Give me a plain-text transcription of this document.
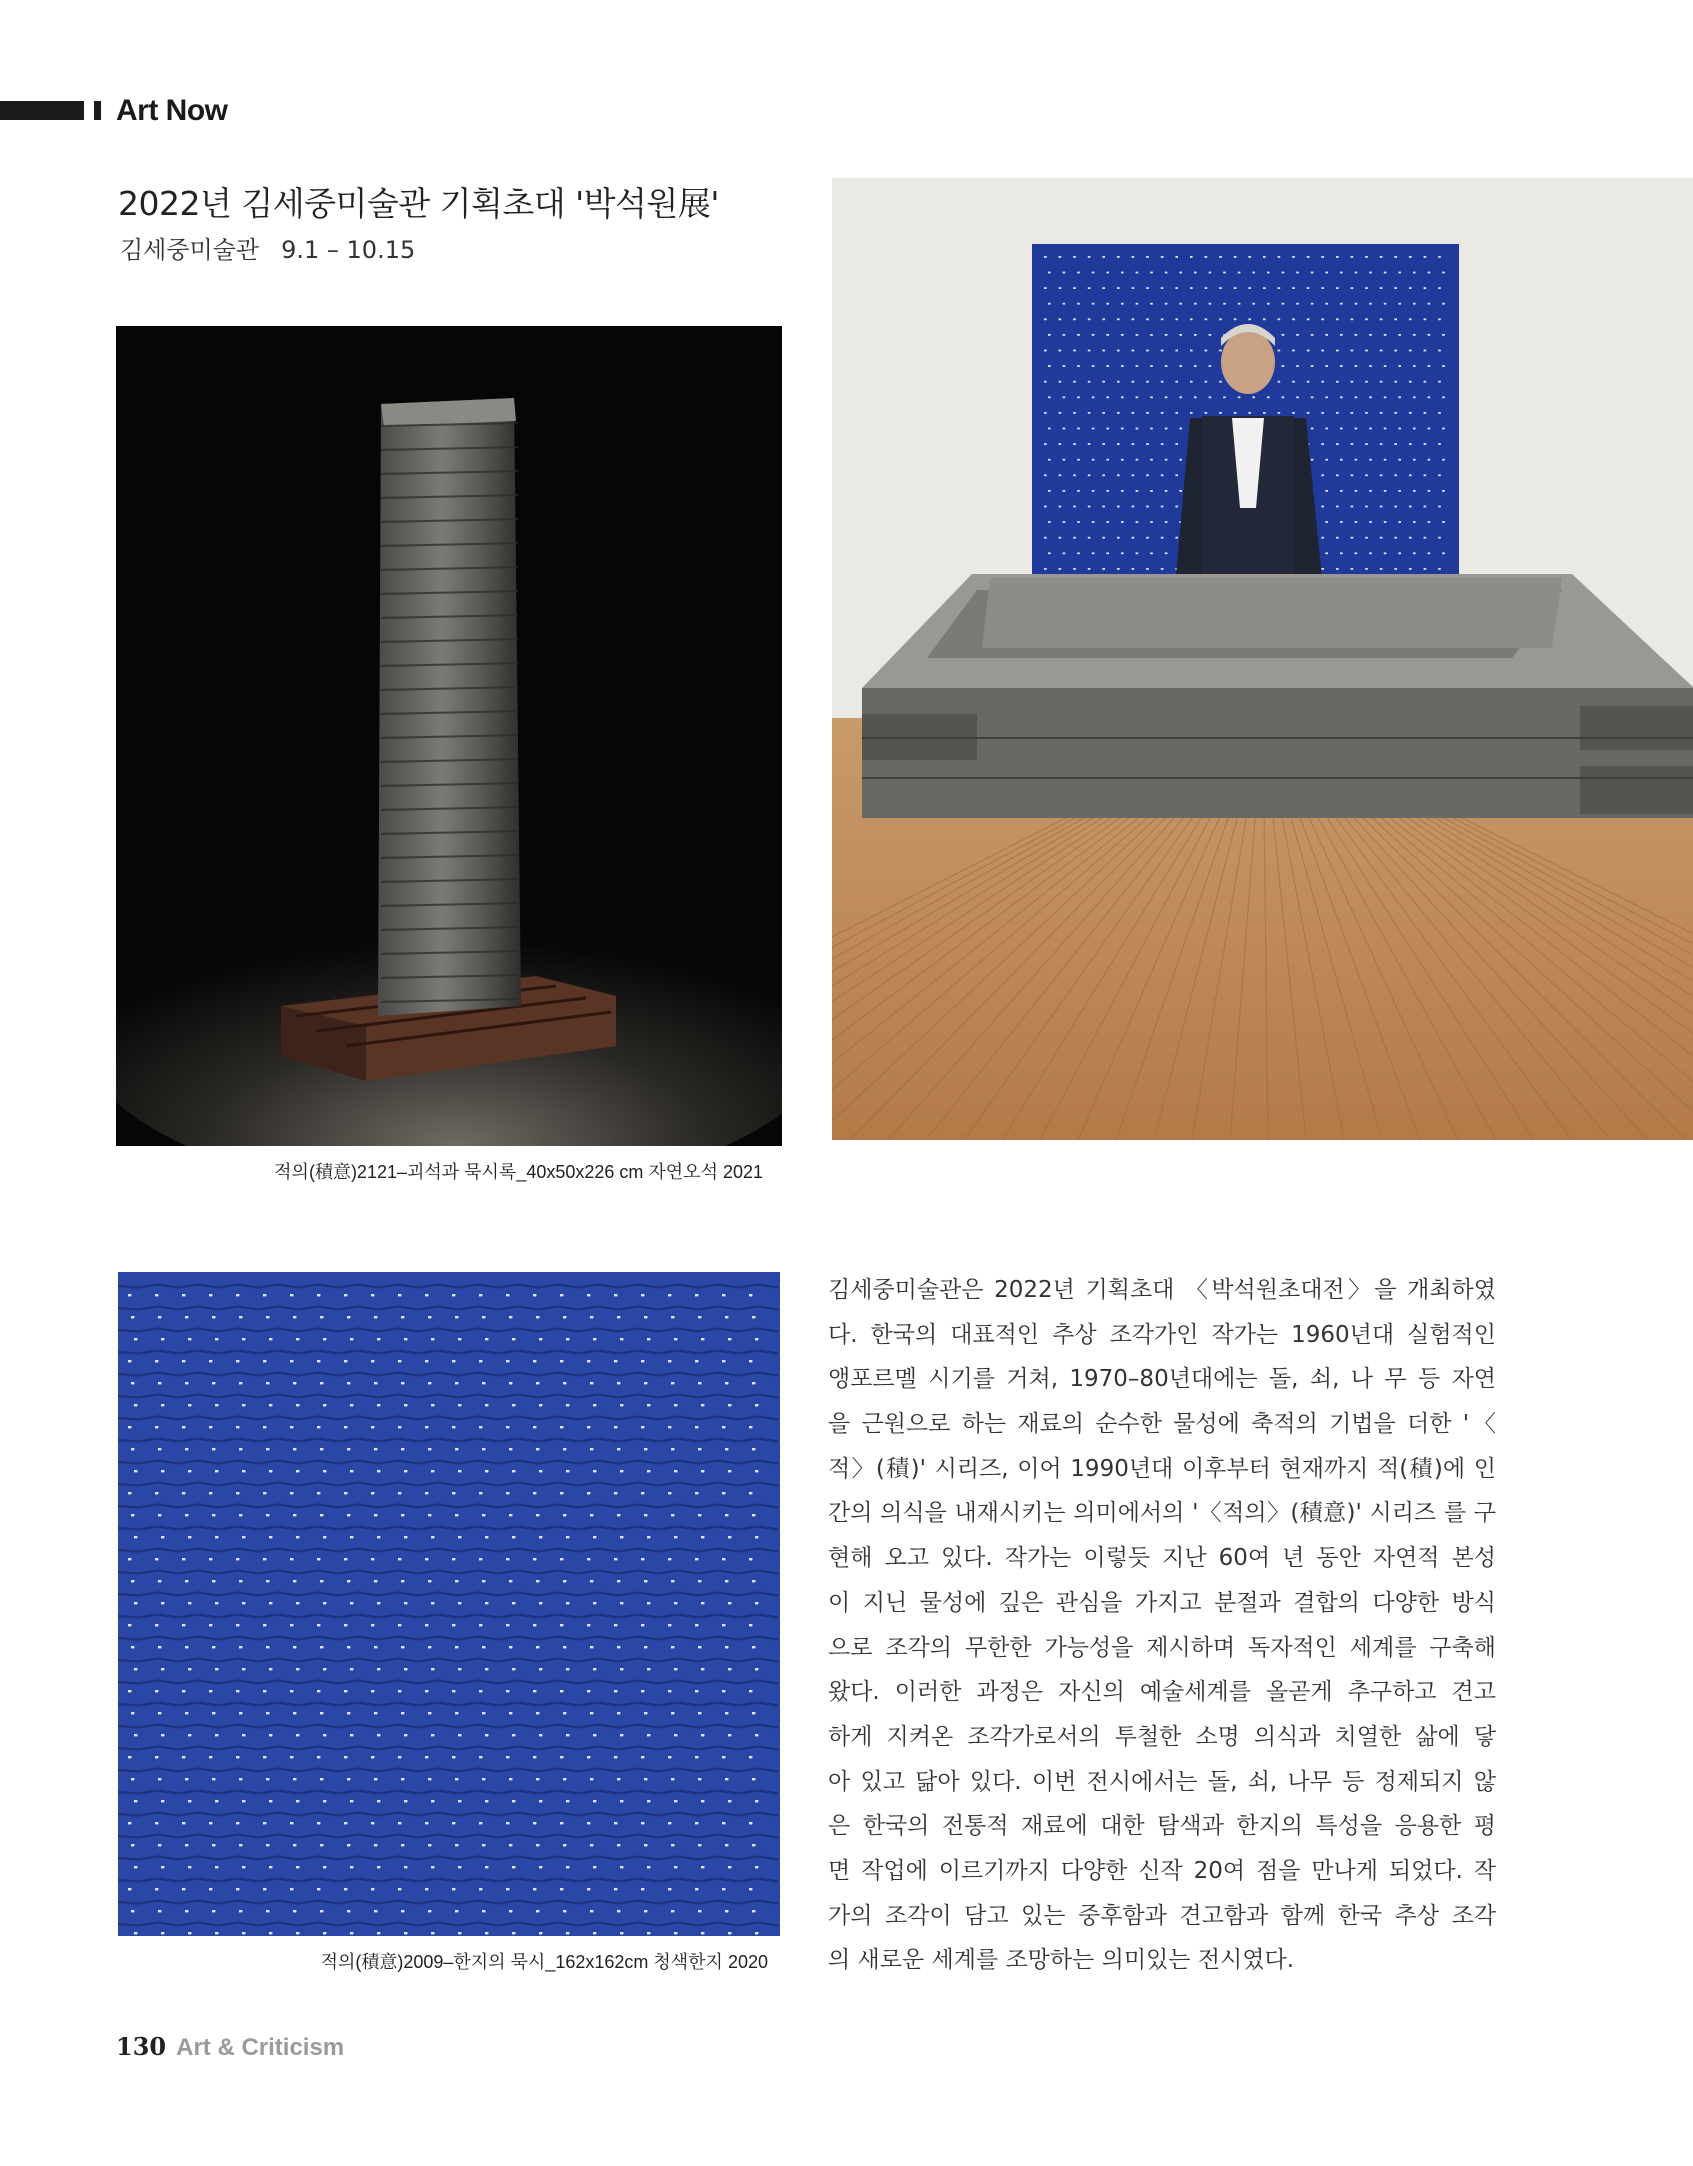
Art Now
2022년 김세중미술관 기획초대 '박석원展'
김세중미술관 9.1 – 10.15
적의(積意)2121–괴석과 묵시록_40x50x226 cm 자연오석 2021
적의(積意)2009–한지의 묵시_162x162cm 청색한지 2020
김세중미술관은 2022년 기획초대 〈박석원초대전〉을 개최하였
다. 한국의 대표적인 추상 조각가인 작가는 1960년대 실험적인
앵포르멜 시기를 거쳐, 1970–80년대에는 돌, 쇠, 나 무 등 자연
을 근원으로 하는 재료의 순수한 물성에 축적의 기법을 더한 '〈
적〉(積)' 시리즈, 이어 1990년대 이후부터 현재까지 적(積)에 인
간의 의식을 내재시키는 의미에서의 '〈적의〉(積意)' 시리즈 를 구
현해 오고 있다. 작가는 이렇듯 지난 60여 년 동안 자연적 본성
이 지닌 물성에 깊은 관심을 가지고 분절과 결합의 다양한 방식
으로 조각의 무한한 가능성을 제시하며 독자적인 세계를 구축해
왔다. 이러한 과정은 자신의 예술세계를 올곧게 추구하고 견고
하게 지켜온 조각가로서의 투철한 소명 의식과 치열한 삶에 닿
아 있고 닮아 있다. 이번 전시에서는 돌, 쇠, 나무 등 정제되지 않
은 한국의 전통적 재료에 대한 탐색과 한지의 특성을 응용한 평
면 작업에 이르기까지 다양한 신작 20여 점을 만나게 되었다. 작
가의 조각이 담고 있는 중후함과 견고함과 함께 한국 추상 조각
의 새로운 세계를 조망하는 의미있는 전시였다.
130 Art & Criticism
